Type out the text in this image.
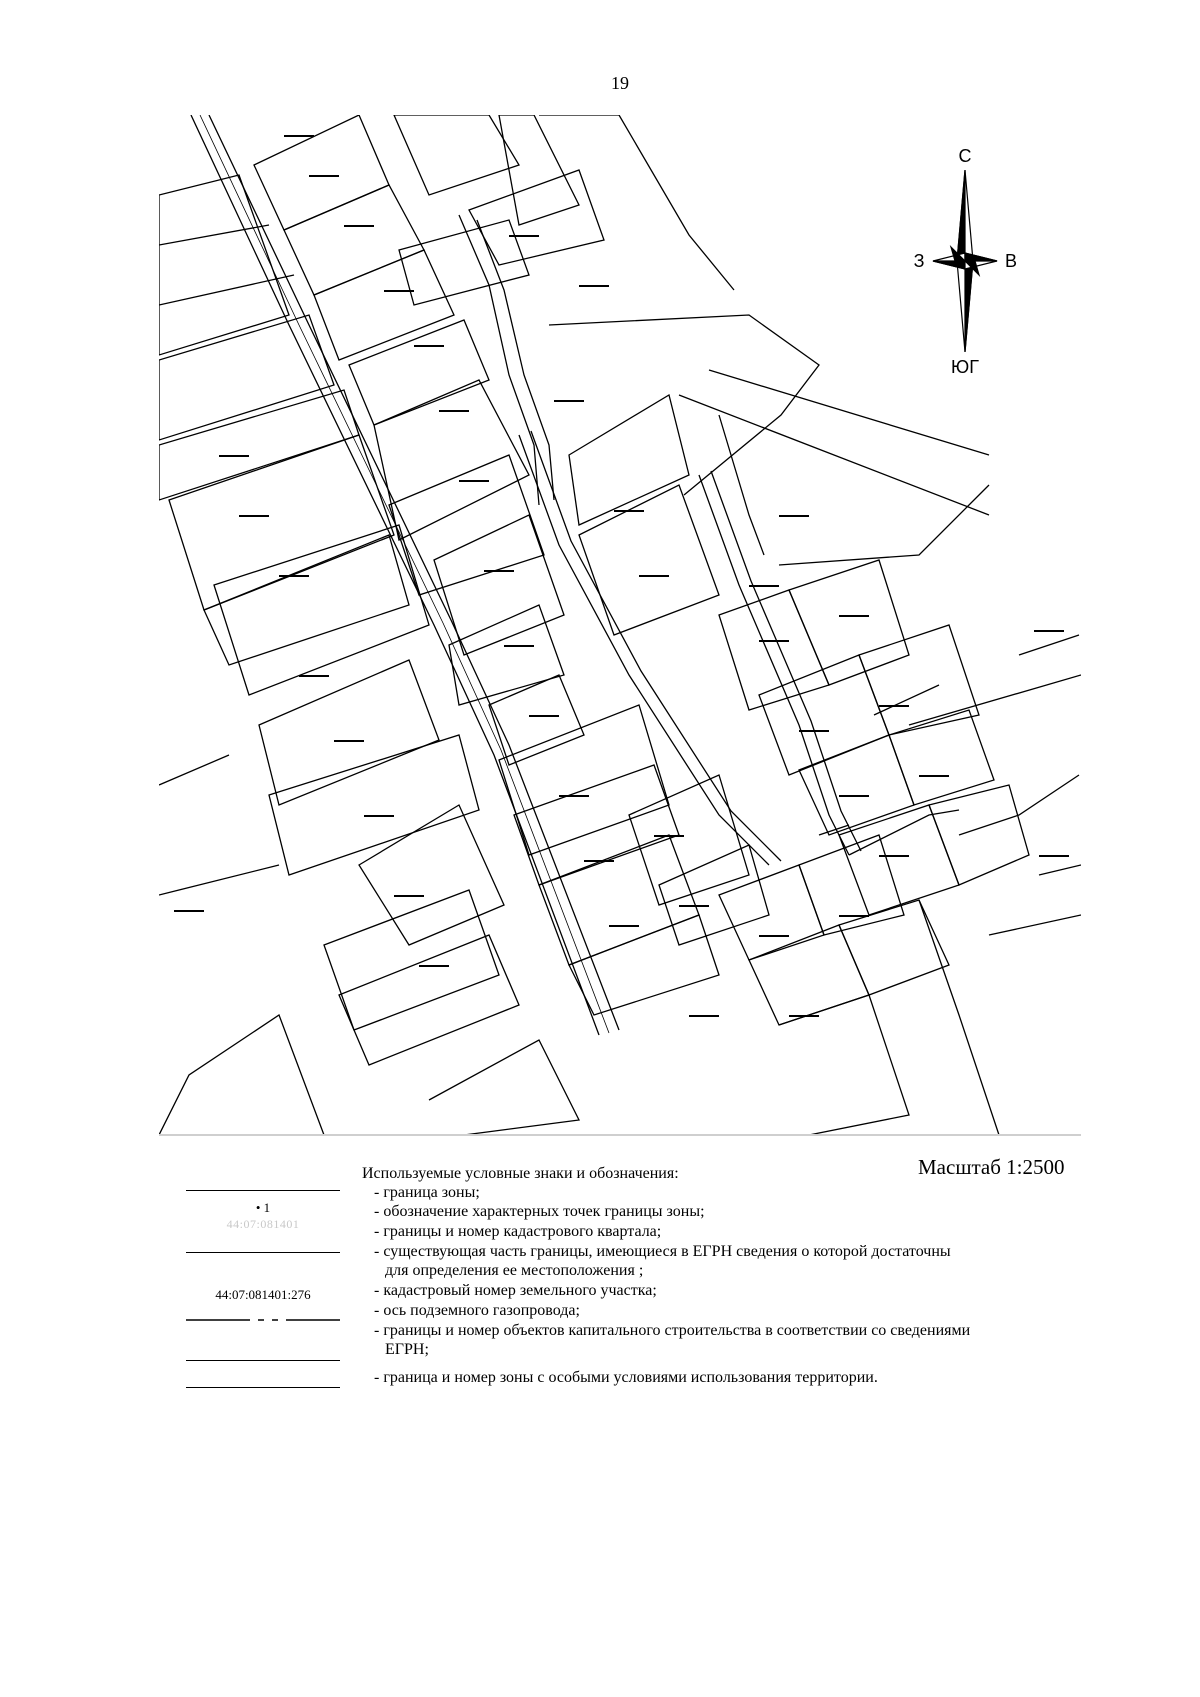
19
С
З	В
ЮГ
Масштаб 1:2500
Используемые условные знаки и обозначения:
• 1
44:07:081401
44:07:081401:276
- граница зоны;
- обозначение характерных точек границы зоны;
- границы и номер кадастрового квартала;
- существующая часть границы, имеющиеся в ЕГРН сведения о которой достаточны
для определения ее местоположения ;
- кадастровый номер земельного участка;
- ось подземного газопровода;
- границы и номер объектов капитального строительства в соответствии со сведениями
ЕГРН;
- граница и номер зоны с особыми условиями использования территории.
